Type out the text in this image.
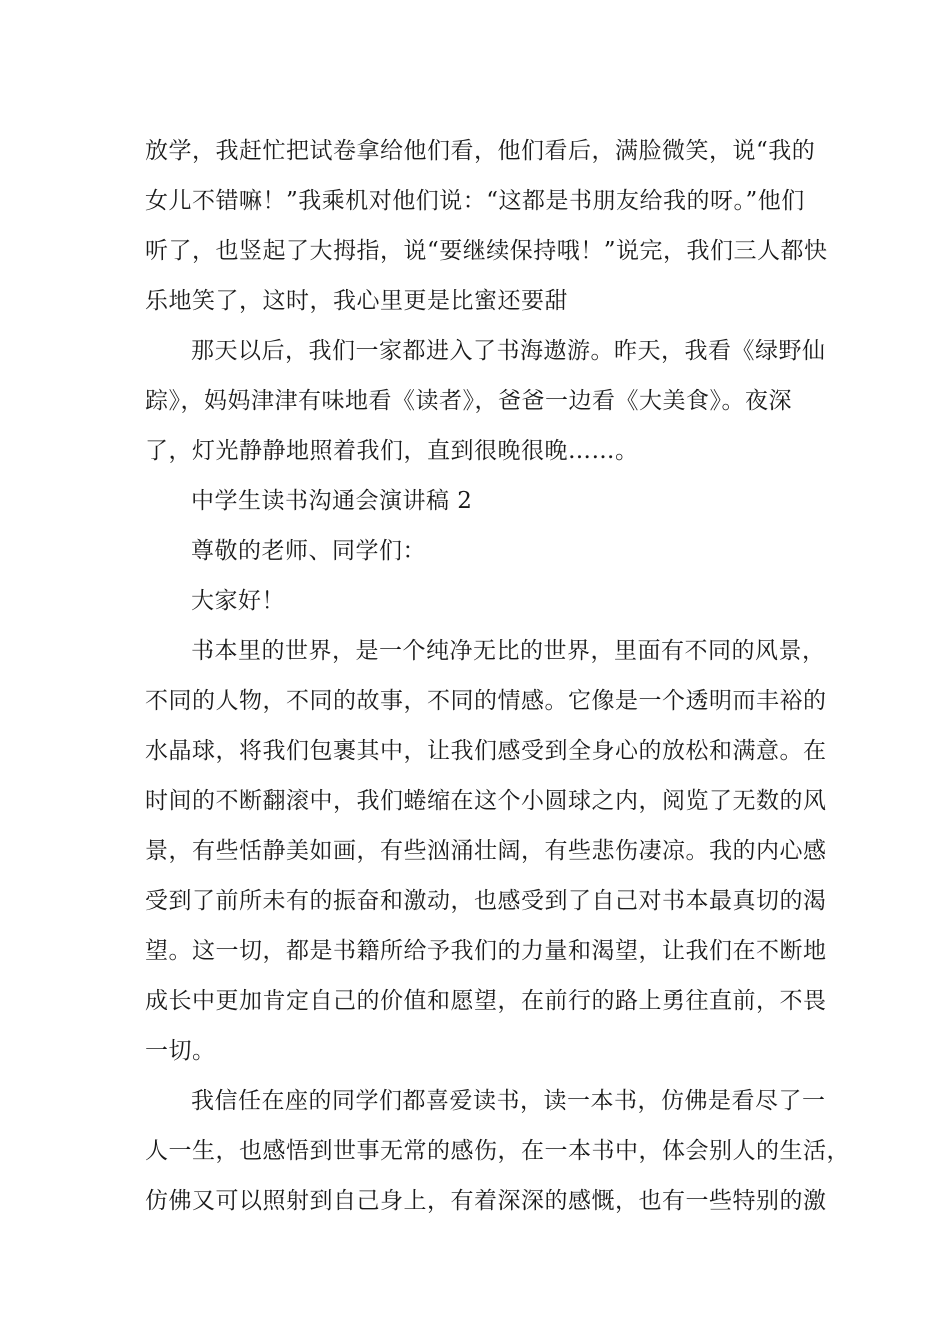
放学，我赶忙把试卷拿给他们看，他们看后，满脸微笑，说“我的
女儿不错嘛！”我乘机对他们说：“这都是书朋友给我的呀。”他们
听了，也竖起了大拇指，说“要继续保持哦！”说完，我们三人都快
乐地笑了，这时，我心里更是比蜜还要甜
那天以后，我们一家都进入了书海遨游。昨天，我看《绿野仙
踪》，妈妈津津有味地看《读者》，爸爸一边看《大美食》。夜深
了，灯光静静地照着我们，直到很晚很晚……。
中学生读书沟通会演讲稿 2
尊敬的老师、同学们：
大家好！
书本里的世界，是一个纯净无比的世界，里面有不同的风景，
不同的人物，不同的故事，不同的情感。它像是一个透明而丰裕的
水晶球，将我们包裹其中，让我们感受到全身心的放松和满意。在
时间的不断翻滚中，我们蜷缩在这个小圆球之内，阅览了无数的风
景，有些恬静美如画，有些汹涌壮阔，有些悲伤凄凉。我的内心感
受到了前所未有的振奋和激动，也感受到了自己对书本最真切的渴
望。这一切，都是书籍所给予我们的力量和渴望，让我们在不断地
成长中更加肯定自己的价值和愿望，在前行的路上勇往直前，不畏
一切。
我信任在座的同学们都喜爱读书，读一本书，仿佛是看尽了一
人一生，也感悟到世事无常的感伤，在一本书中，体会别人的生活，
仿佛又可以照射到自己身上，有着深深的感慨，也有一些特别的激
